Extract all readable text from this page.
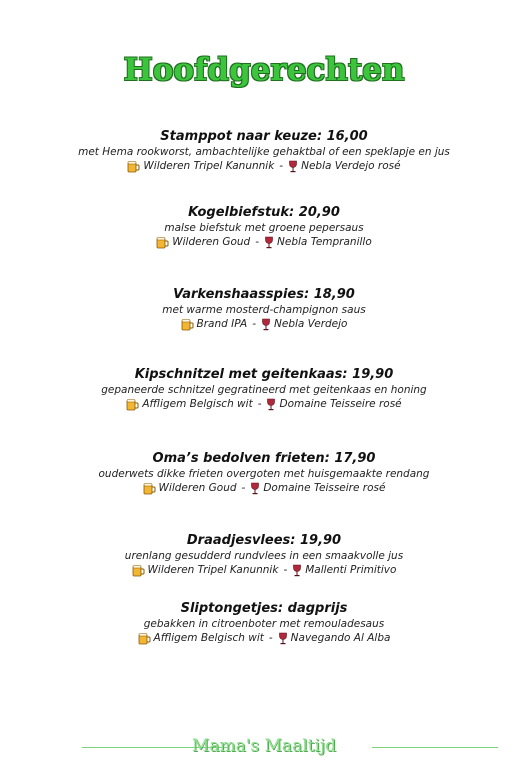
Hoofdgerechten
Stamppot naar keuze: 16,00
met Hema rookworst, ambachtelijke gehaktbal of een speklapje en jus
Wilderen Tripel Kanunnik - Nebla Verdejo rosé
Kogelbiefstuk: 20,90
malse biefstuk met groene pepersaus
Wilderen Goud - Nebla Tempranillo
Varkenshaasspies: 18,90
met warme mosterd-champignon saus
Brand IPA - Nebla Verdejo
Kipschnitzel met geitenkaas: 19,90
gepaneerde schnitzel gegratineerd met geitenkaas en honing
Affligem Belgisch wit - Domaine Teisseire rosé
Oma’s bedolven frieten: 17,90
ouderwets dikke frieten overgoten met huisgemaakte rendang
Wilderen Goud - Domaine Teisseire rosé
Draadjesvlees: 19,90
urenlang gesudderd rundvlees in een smaakvolle jus
Wilderen Tripel Kanunnik - Mallenti Primitivo
Sliptongetjes: dagprijs
gebakken in citroenboter met remouladesaus
Affligem Belgisch wit - Navegando Al Alba
Mama's Maaltijd
